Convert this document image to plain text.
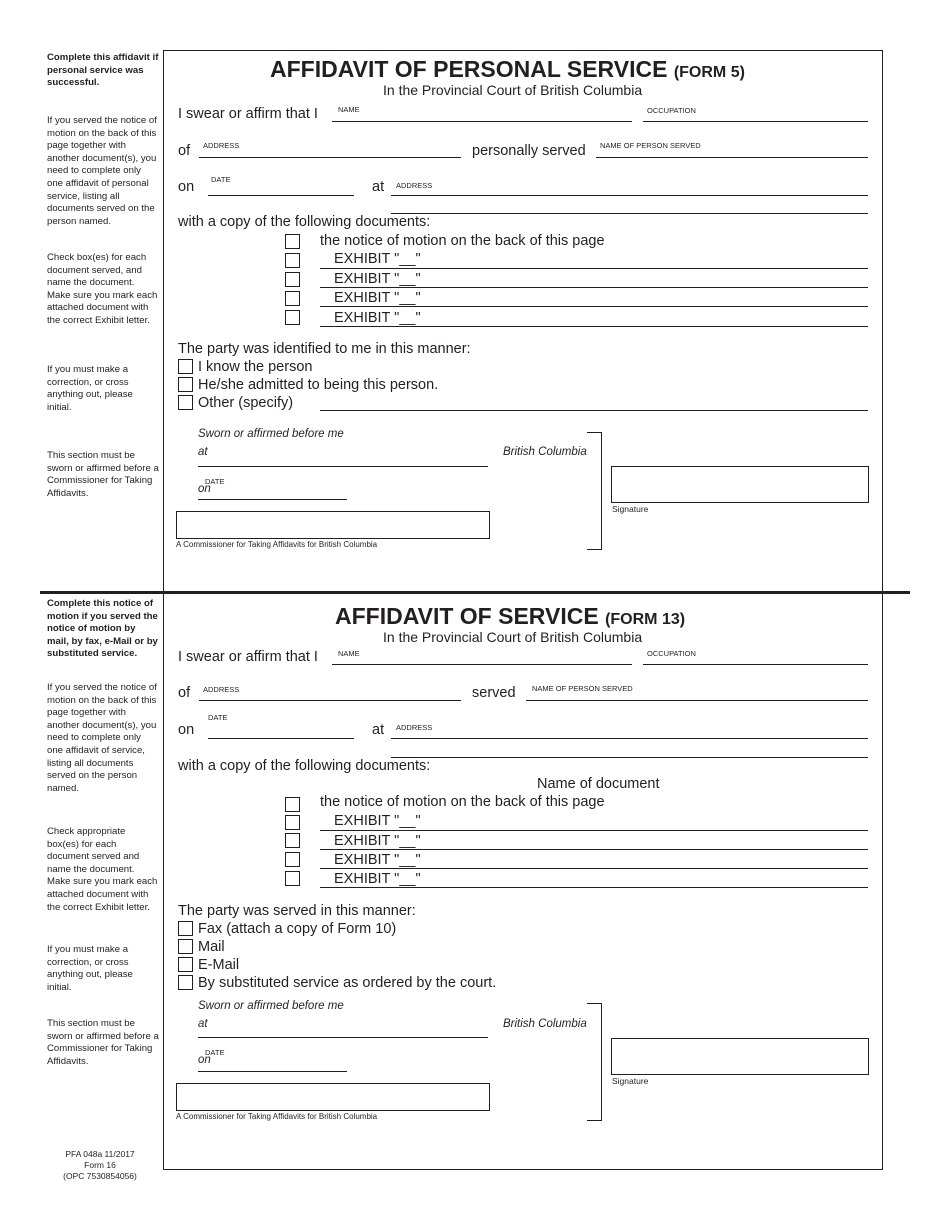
Complete this affidavit if personal service was successful.

If you served the notice of motion on the back of this page together with another document(s), you need to complete only one affidavit of personal service, listing all documents served on the person named.
Check box(es) for each document served, and name the document. Make sure you mark each attached document with the correct Exhibit letter.
If you must make a correction, or cross anything out, please initial.
This section must be sworn or affirmed before a Commissioner for Taking Affidavits.
Complete this notice of motion if you served the notice of motion by mail, by fax, e-Mail or by substituted service.
If you served the notice of motion on the back of this page together with another document(s), you need to complete only one affidavit of service, listing all documents served on the person named.
Check appropriate box(es) for each document served and name the document. Make sure you mark each attached document with the correct Exhibit letter.
If you must make a correction, or cross anything out, please initial.
This section must be sworn or affirmed before a Commissioner for Taking Affidavits.
AFFIDAVIT OF PERSONAL SERVICE (FORM 5)
In the Provincial Court of British Columbia
I swear or affirm that I	NAME	OCCUPATION
of ADDRESS	personally served NAME OF PERSON SERVED
on DATE	at ADDRESS
with a copy of the following documents:
the notice of motion on the back of this page
EXHIBIT "__"
EXHIBIT "__"
EXHIBIT "__"
EXHIBIT "__"
The party was identified to me in this manner:
I know the person
He/she admitted to being this person.
Other (specify)
Sworn or affirmed before me
at	British Columbia
DATE
on
A Commissioner for Taking Affidavits for British Columbia
Signature
AFFIDAVIT OF SERVICE (FORM 13)
In the Provincial Court of British Columbia
I swear or affirm that I	NAME	OCCUPATION
of ADDRESS	served NAME OF PERSON SERVED
on
DATE
at ADDRESS
with a copy of the following documents:
Name of document
the notice of motion on the back of this page
EXHIBIT "__"
EXHIBIT "__"
EXHIBIT "__"
EXHIBIT "__"
The party was served in this manner:
Fax (attach a copy of Form 10)
Mail
E-Mail
By substituted service as ordered by the court.
Sworn or affirmed before me
at	British Columbia
DATE
on
A Commissioner for Taking Affidavits for British Columbia
Signature
PFA 048a 11/2017
Form 16
(OPC 7530854056)
